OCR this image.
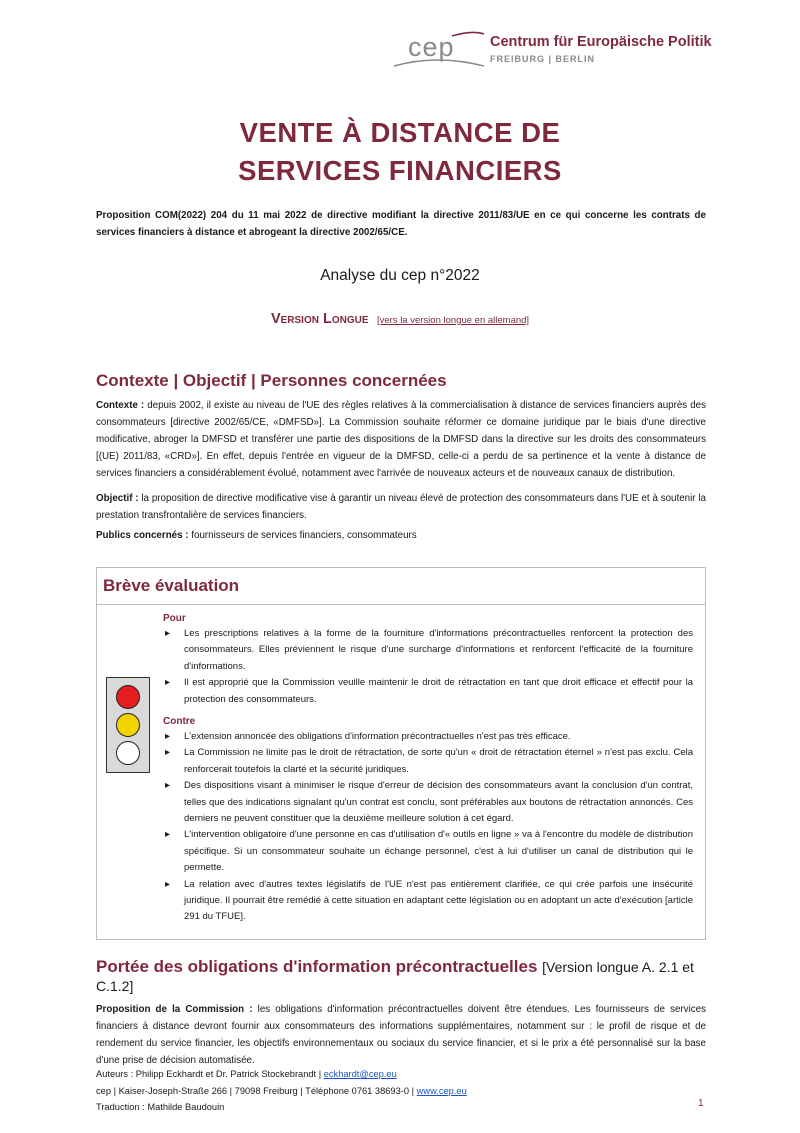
cep Centrum für Europäische Politik
FREIBURG | BERLIN
VENTE À DISTANCE DE
SERVICES FINANCIERS
Proposition COM(2022) 204 du 11 mai 2022 de directive modifiant la directive 2011/83/UE en ce qui concerne les contrats de services financiers à distance et abrogeant la directive 2002/65/CE.
Analyse du cep n°2022
Version Longue [vers la version longue en allemand]
Contexte | Objectif | Personnes concernées
Contexte : depuis 2002, il existe au niveau de l'UE des règles relatives à la commercialisation à distance de services financiers auprès des consommateurs [directive 2002/65/CE, «DMFSD»]. La Commission souhaite réformer ce domaine juridique par le biais d'une directive modificative, abroger la DMFSD et transférer une partie des dispositions de la DMFSD dans la directive sur les droits des consommateurs [(UE) 2011/83, «CRD»]. En effet, depuis l'entrée en vigueur de la DMFSD, celle-ci a perdu de sa pertinence et la vente à distance de services financiers a considérablement évolué, notamment avec l'arrivée de nouveaux acteurs et de nouveaux canaux de distribution.
Objectif : la proposition de directive modificative vise à garantir un niveau élevé de protection des consommateurs dans l'UE et à soutenir la prestation transfrontalière de services financiers.
Publics concernés : fournisseurs de services financiers, consommateurs
Brève évaluation
Pour
▸ Les prescriptions relatives à la forme de la fourniture d'informations précontractuelles renforcent la protection des consommateurs. Elles préviennent le risque d'une surcharge d'informations et renforcent l'efficacité de la fourniture d'informations.
▸ Il est approprié que la Commission veuille maintenir le droit de rétractation en tant que droit efficace et effectif pour la protection des consommateurs.
Contre
▸ L'extension annoncée des obligations d'information précontractuelles n'est pas très efficace.
▸ La Commission ne limite pas le droit de rétractation, de sorte qu'un « droit de rétractation éternel » n'est pas exclu. Cela renforcerait toutefois la clarté et la sécurité juridiques.
▸ Des dispositions visant à minimiser le risque d'erreur de décision des consommateurs avant la conclusion d'un contrat, telles que des indications signalant qu'un contrat est conclu, sont préférables aux boutons de rétractation annoncés. Ces derniers ne peuvent constituer que la deuxième meilleure solution à cet égard.
▸ L'intervention obligatoire d'une personne en cas d'utilisation d'« outils en ligne » va à l'encontre du modèle de distribution spécifique. Si un consommateur souhaite un échange personnel, c'est à lui d'utiliser un canal de distribution qui le permette.
▸ La relation avec d'autres textes législatifs de l'UE n'est pas entièrement clarifiée, ce qui crée parfois une insécurité juridique. Il pourrait être remédié à cette situation en adaptant cette législation ou en adoptant un acte d'exécution [article 291 du TFUE].
Portée des obligations d'information précontractuelles [Version longue A. 2.1 et
C.1.2]
Proposition de la Commission : les obligations d'information précontractuelles doivent être étendues. Les fournisseurs de services financiers à distance devront fournir aux consommateurs des informations supplémentaires, notamment sur : le profil de risque et de rendement du service financier, les objectifs environnementaux ou sociaux du service financier, et si le prix a été personnalisé sur la base d'une prise de décision automatisée.
Auteurs : Philipp Eckhardt et Dr. Patrick Stockebrandt | eckhardt@cep.eu
cep | Kaiser-Joseph-Straße 266 | 79098 Freiburg | Téléphone 0761 38693-0 | www.cep.eu
Traduction : Mathilde Baudouin	1
